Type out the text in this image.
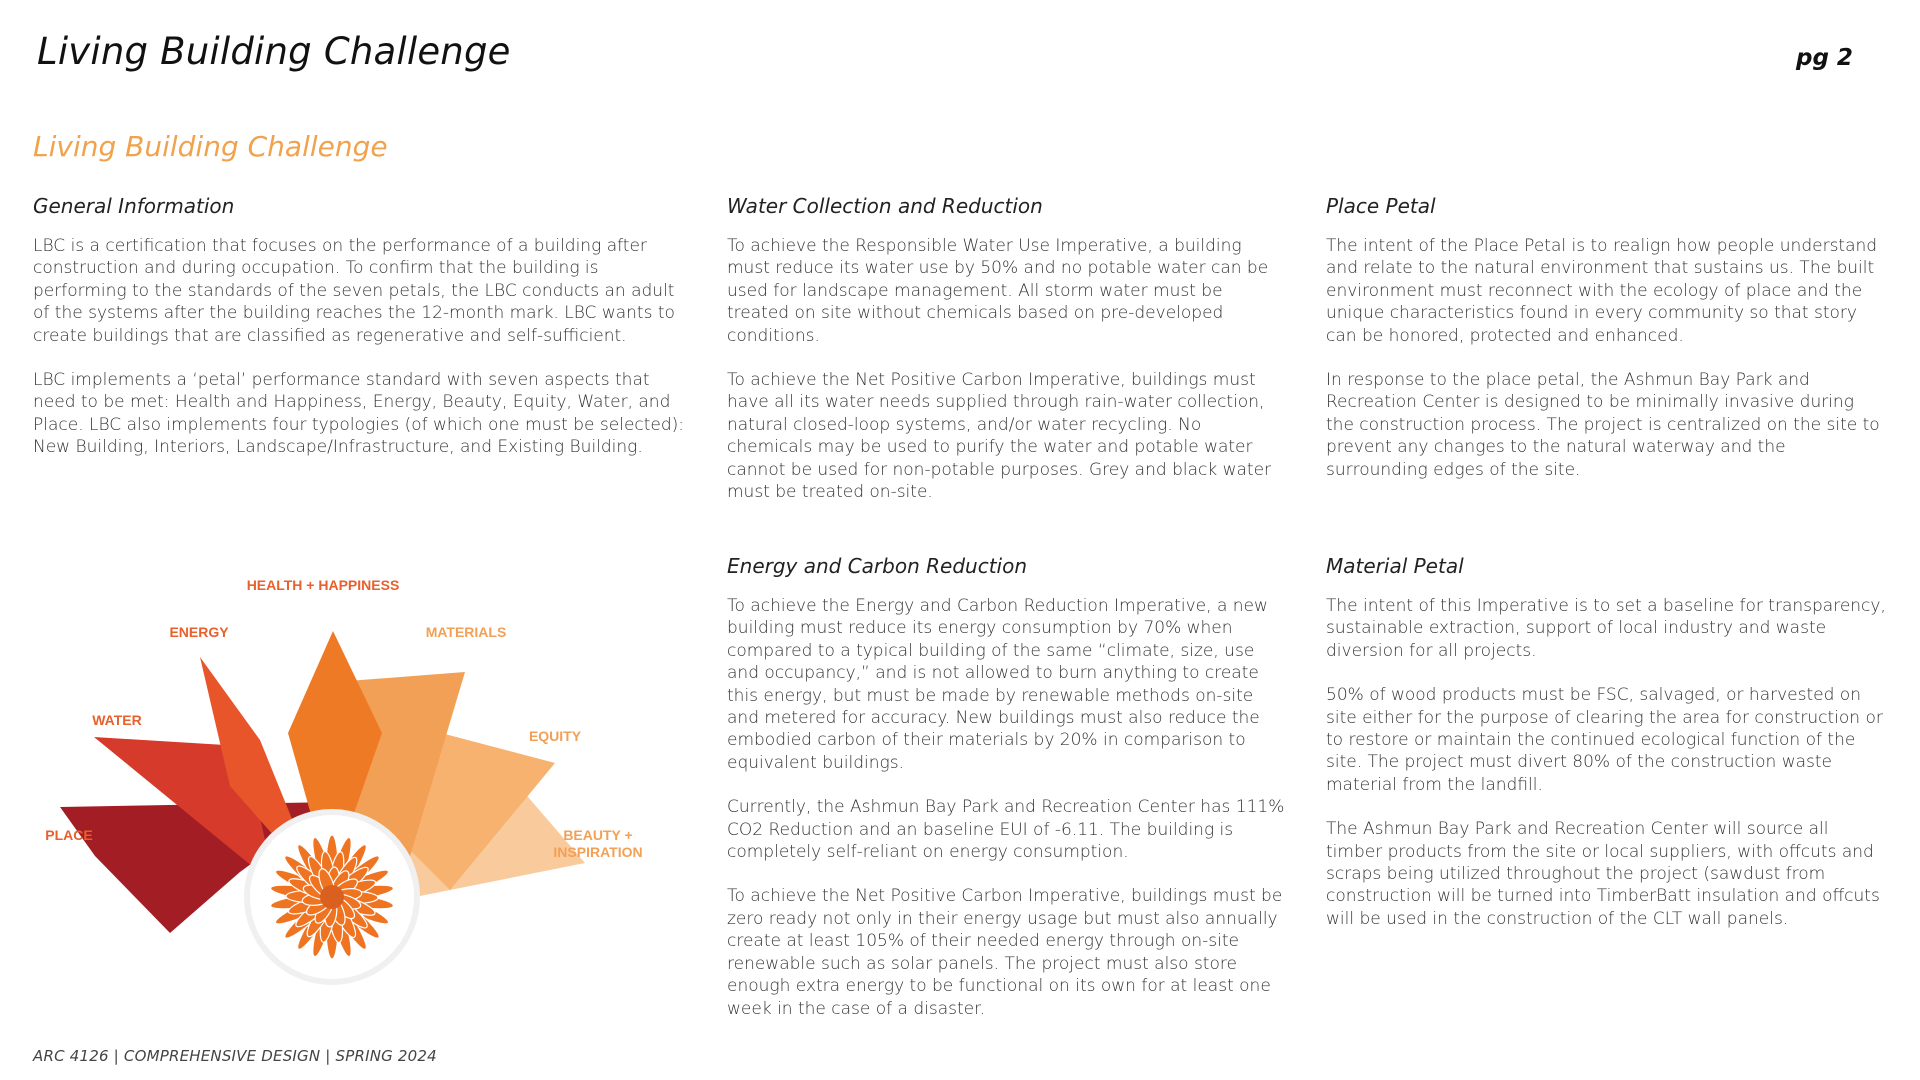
Living Building Challenge	pg 2
Living Building Challenge
General Information

LBC is a certification that focuses on the performance of a building after construction and during occupation. To confirm that the building is performing to the standards of the seven petals, the LBC conducts an adult of the systems after the building reaches the 12-month mark. LBC wants to create buildings that are classified as regenerative and self-sufficient.

LBC implements a ‘petal’ performance standard with seven aspects that need to be met: Health and Happiness, Energy, Beauty, Equity, Water, and Place. LBC also implements four typologies (of which one must be selected): New Building, Interiors, Landscape/Infrastructure, and Existing Building.

Water Collection and Reduction

To achieve the Responsible Water Use Imperative, a building must reduce its water use by 50% and no potable water can be used for landscape management. All storm water must be treated on site without chemicals based on pre-developed conditions.

To achieve the Net Positive Carbon Imperative, buildings must have all its water needs supplied through rain-water collection, natural closed-loop systems, and/or water recycling. No chemicals may be used to purify the water and potable water cannot be used for non-potable purposes. Grey and black water must be treated on-site.

Energy and Carbon Reduction

To achieve the Energy and Carbon Reduction Imperative, a new building must reduce its energy consumption by 70% when compared to a typical building of the same “climate, size, use and occupancy,” and is not allowed to burn anything to create this energy, but must be made by renewable methods on-site and metered for accuracy. New buildings must also reduce the embodied carbon of their materials by 20% in comparison to equivalent buildings.

Currently, the Ashmun Bay Park and Recreation Center has 111% CO2 Reduction and an baseline EUI of -6.11. The building is completely self-reliant on energy consumption.

To achieve the Net Positive Carbon Imperative, buildings must be zero ready not only in their energy usage but must also annually create at least 105% of their needed energy through on-site renewable such as solar panels. The project must also store enough extra energy to be functional on its own for at least one week in the case of a disaster.

Place Petal

The intent of the Place Petal is to realign how people understand and relate to the natural environment that sustains us. The built environment must reconnect with the ecology of place and the unique characteristics found in every community so that story can be honored, protected and enhanced.

In response to the place petal, the Ashmun Bay Park and Recreation Center is designed to be minimally invasive during the construction process. The project is centralized on the site to prevent any changes to the natural waterway and the surrounding edges of the site.

Material Petal

The intent of this Imperative is to set a baseline for transparency, sustainable extraction, support of local industry and waste diversion for all projects.

50% of wood products must be FSC, salvaged, or harvested on site either for the purpose of clearing the area for construction or to restore or maintain the continued ecological function of the site. The project must divert 80% of the construction waste material from the landfill.

The Ashmun Bay Park and Recreation Center will source all timber products from the site or local suppliers, with offcuts and scraps being utilized throughout the project (sawdust from construction will be turned into TimberBatt insulation and offcuts will be used in the construction of the CLT wall panels.

HEALTH + HAPPINESS
ENERGY	MATERIALS
WATER
EQUITY
PLACE	BEAUTY +
INSPIRATION
ARC 4126 | COMPREHENSIVE DESIGN | SPRING 2024
